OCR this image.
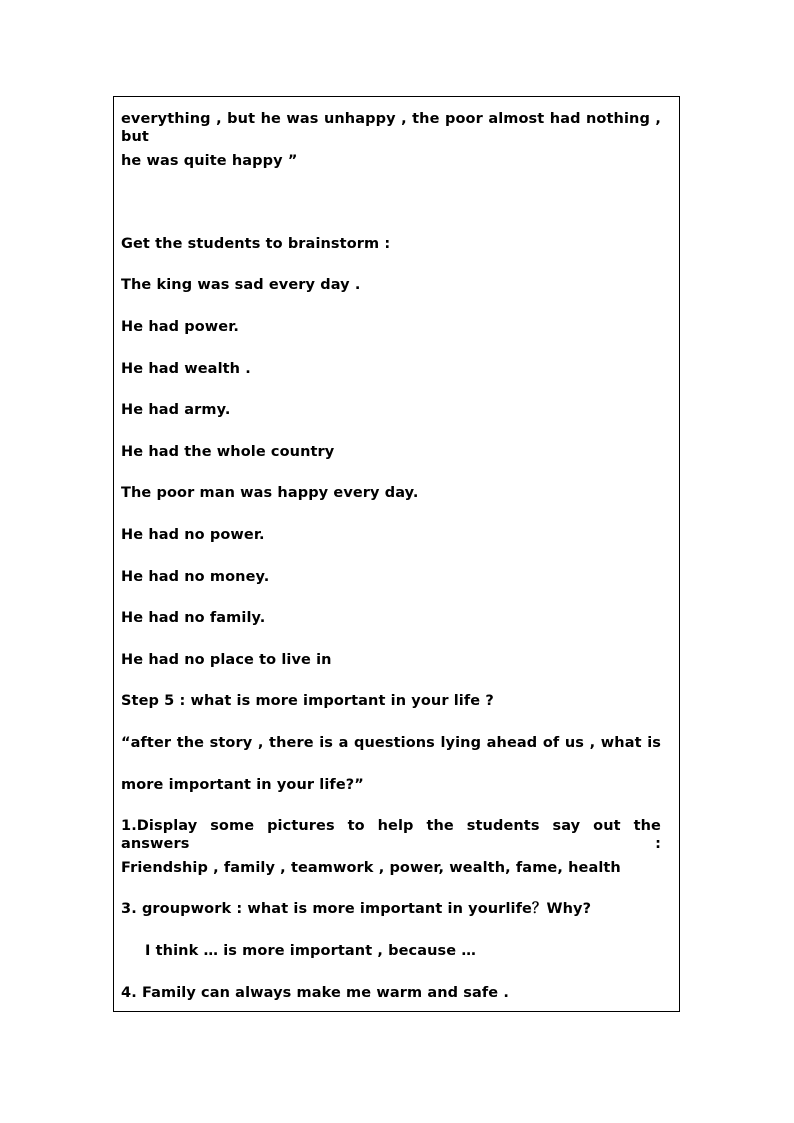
everything , but he was unhappy , the poor almost had nothing , but
he was quite happy ”
Get the students to brainstorm :
The king was sad every day .
He had power.
He had wealth .
He had army.
He had the whole country
The poor man was happy every day.
He had no power.
He had no money.
He had no family.
He had no place to live in
Step 5 : what is more important in your life ?
“after the story , there is a questions lying ahead of us , what is
more important in your life?”
1.Display some pictures to help the students say out the answers :
Friendship , family , teamwork , power, wealth, fame, health
3. groupwork : what is more important in yourlife？Why?
I think … is more important , because …
4. Family can always make me warm and safe .
